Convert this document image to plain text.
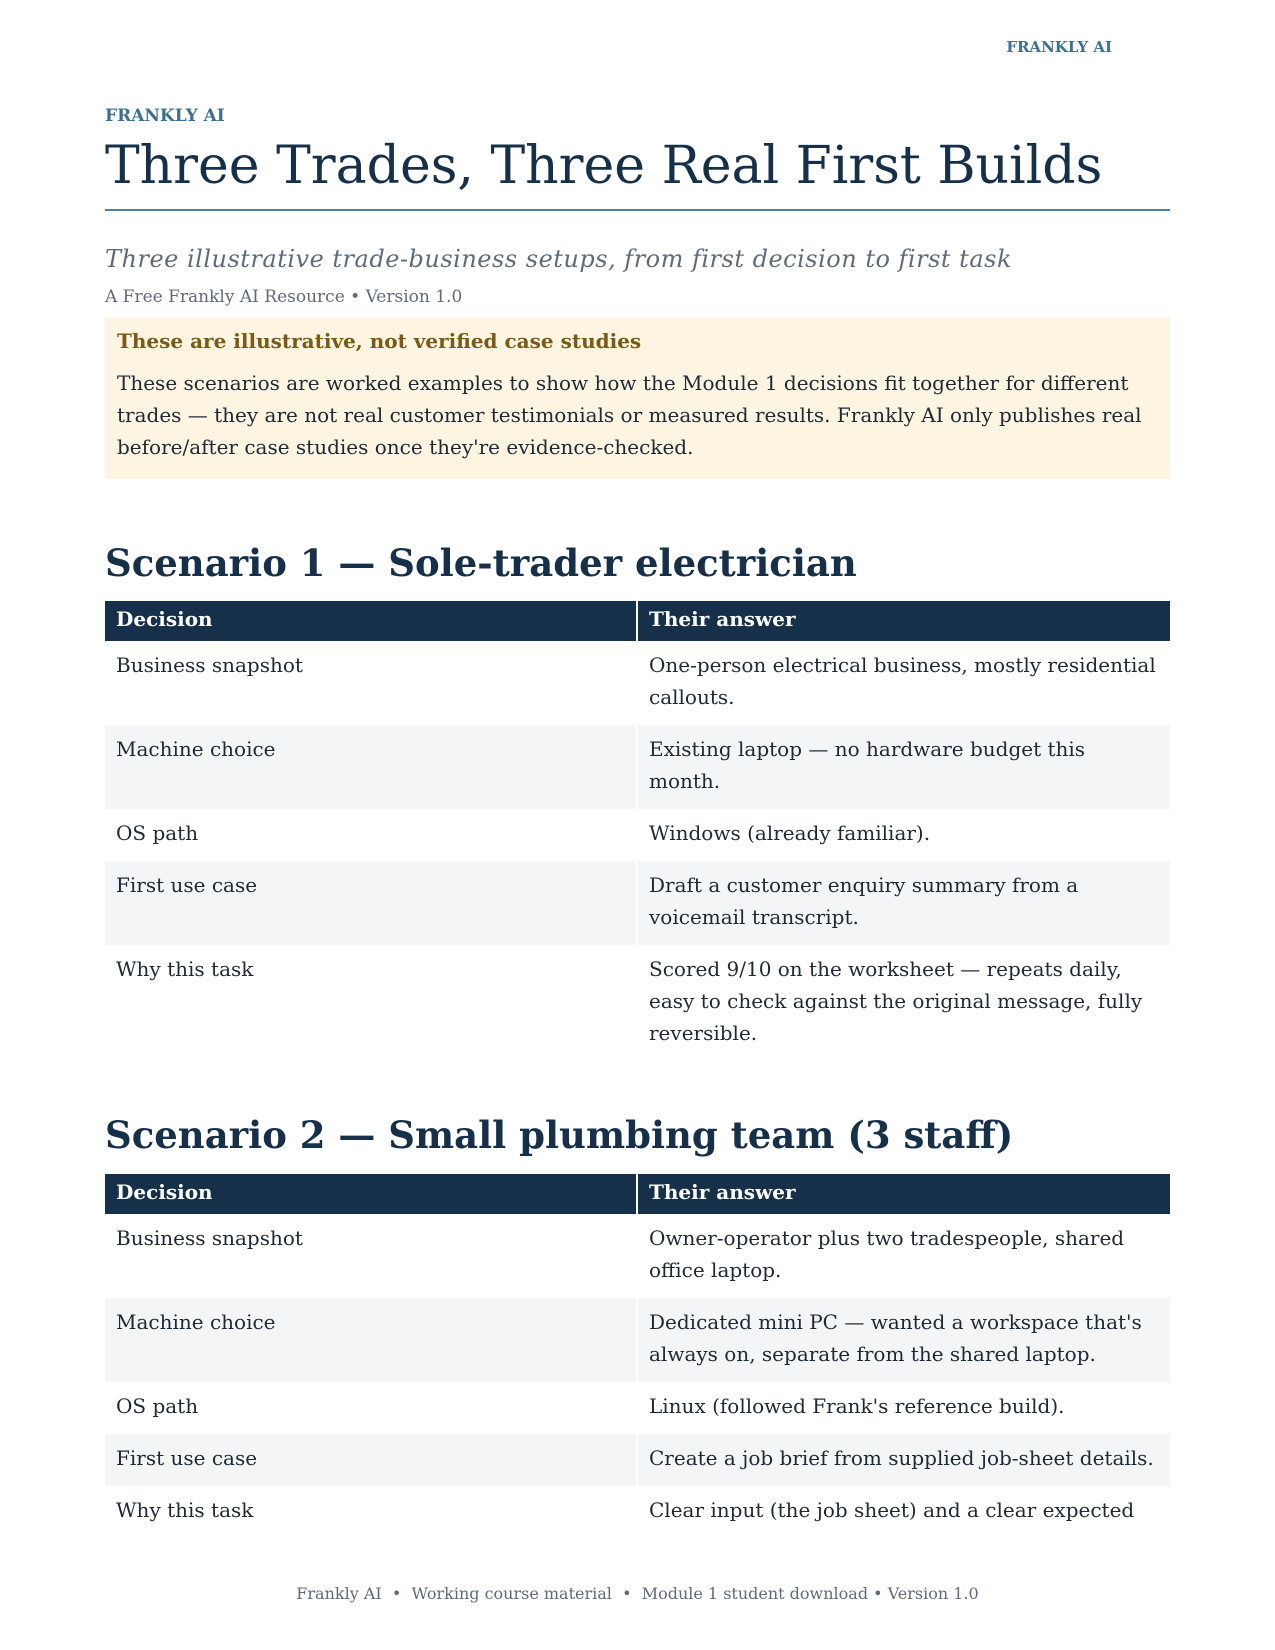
FRANKLY AI
FRANKLY AI
Three Trades, Three Real First Builds
Three illustrative trade-business setups, from first decision to first task
A Free Frankly AI Resource • Version 1.0
These are illustrative, not verified case studies

These scenarios are worked examples to show how the Module 1 decisions fit together for different trades — they are not real customer testimonials or measured results. Frankly AI only publishes real before/after case studies once they're evidence-checked.

Scenario 1 — Sole-trader electrician
Decision	Their answer
Business snapshot	One-person electrical business, mostly residential callouts.
Machine choice	Existing laptop — no hardware budget this month.
OS path	Windows (already familiar).
First use case	Draft a customer enquiry summary from a voicemail transcript.
Why this task	Scored 9/10 on the worksheet — repeats daily, easy to check against the original message, fully reversible.
Scenario 2 — Small plumbing team (3 staff)
Decision	Their answer
Business snapshot	Owner-operator plus two tradespeople, shared office laptop.
Machine choice	Dedicated mini PC — wanted a workspace that's always on, separate from the shared laptop.
OS path	Linux (followed Frank's reference build).
First use case	Create a job brief from supplied job-sheet details.
Why this task	Clear input (the job sheet) and a clear expected
Frankly AI  •  Working course material  •  Module 1 student download • Version 1.0
